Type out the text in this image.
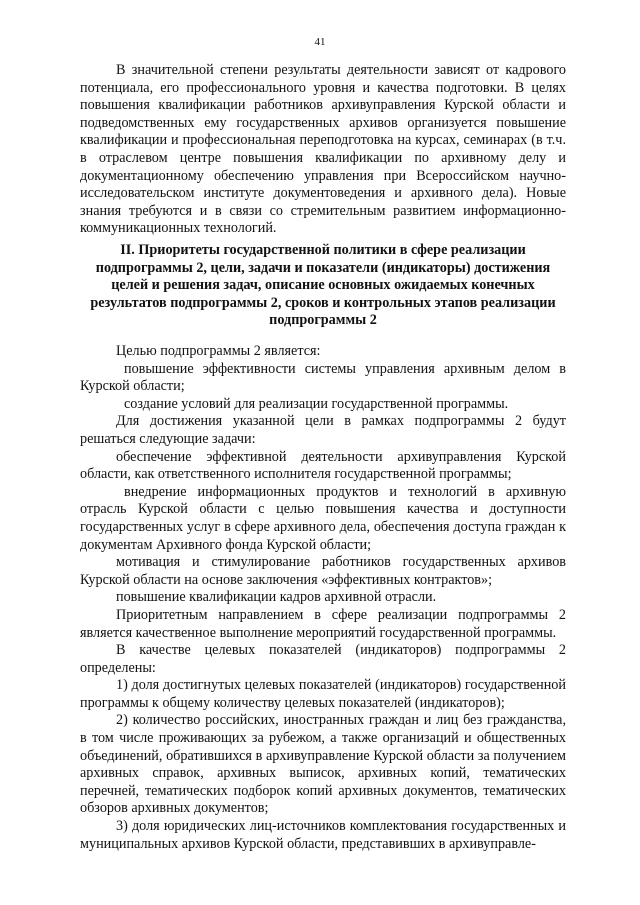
41

В значительной степени результаты деятельности зависят от кадрового потенциала, его профессионального уровня и качества подготовки. В целях повышения квалификации работников архивуправления Курской области и подведомственных ему государственных архивов организуется повышение квалификации и профессиональная переподготовка на курсах, семинарах (в т.ч. в отраслевом центре повышения квалификации по архивному делу и документационному обеспечению управления при Всероссийском научно-исследовательском институте документоведения и архивного дела). Новые знания требуются и в связи со стремительным развитием информационно-коммуникационных технологий.

II. Приоритеты государственной политики в сфере реализации подпрограммы 2, цели, задачи и показатели (индикаторы) достижения целей и решения задач, описание основных ожидаемых конечных результатов подпрограммы 2, сроков и контрольных этапов реализации подпрограммы 2

Целью подпрограммы 2 является:

повышение эффективности системы управления архивным делом в Курской области;

создание условий для реализации государственной программы.

Для достижения указанной цели в рамках подпрограммы 2 будут решаться следующие задачи:

обеспечение эффективной деятельности архивуправления Курской области, как ответственного исполнителя государственной программы;

внедрение информационных продуктов и технологий в архивную отрасль Курской области с целью повышения качества и доступности государственных услуг в сфере архивного дела, обеспечения доступа граждан к документам Архивного фонда Курской области;

мотивация и стимулирование работников государственных архивов Курской области на основе заключения «эффективных контрактов»;

повышение квалификации кадров архивной отрасли.

Приоритетным направлением в сфере реализации подпрограммы 2 является качественное выполнение мероприятий государственной программы.

В качестве целевых показателей (индикаторов) подпрограммы 2 определены:

1) доля достигнутых целевых показателей (индикаторов) государственной программы к общему количеству целевых показателей (индикаторов);

2) количество российских, иностранных граждан и лиц без гражданства, в том числе проживающих за рубежом, а также организаций и общественных объединений, обратившихся в архивуправление Курской области за получением архивных справок, архивных выписок, архивных копий, тематических перечней, тематических подборок копий архивных документов, тематических обзоров архивных документов;

3) доля юридических лиц-источников комплектования государственных и муниципальных архивов Курской области, представивших в архивуправле-
